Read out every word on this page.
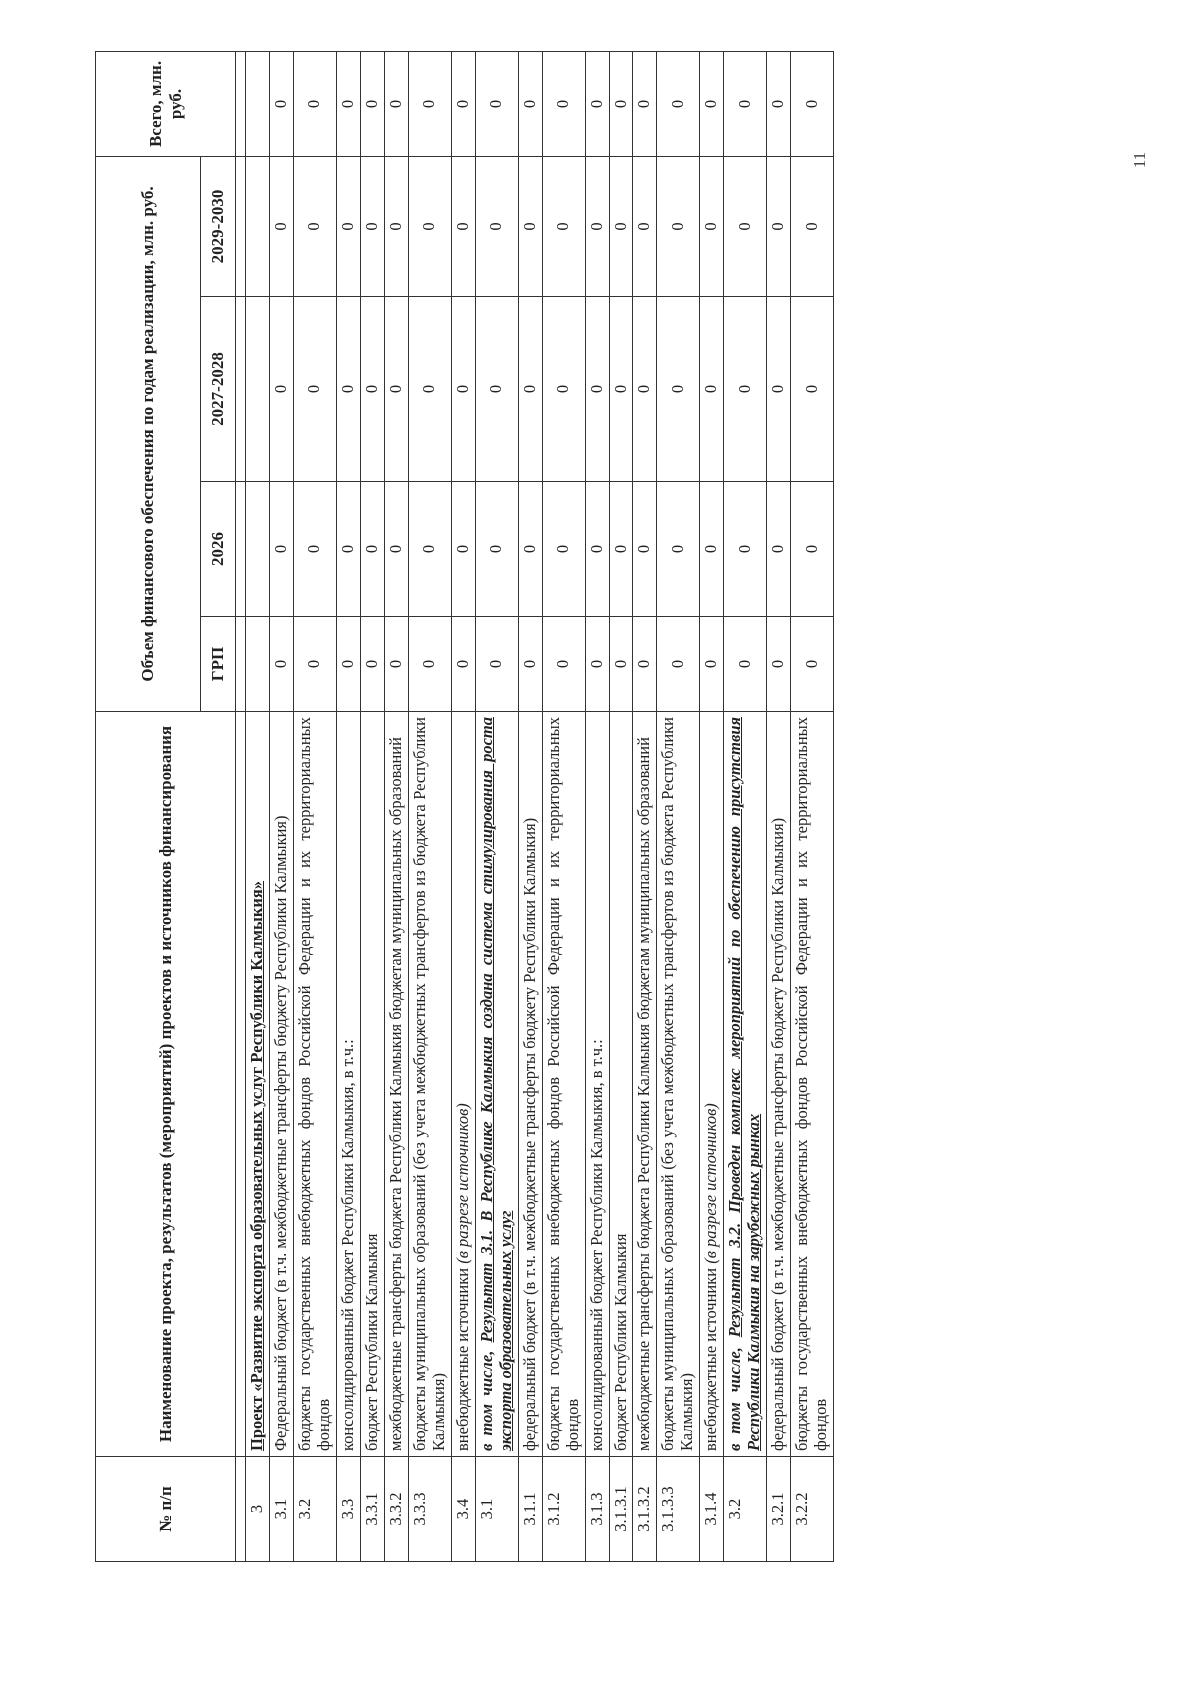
№ п/п	Наименование проекта, результатов (мероприятий) проектов и источников финансирования	Объем финансового обеспечения по годам реализации, млн. руб.				Всего, млн. руб.
		ГРП	2026	2027-2028	2029-2030	

3	Проект «Развитие экспорта образовательных услуг Республики Калмыкия»					
3.1	Федеральный бюджет (в т.ч. межбюджетные трансферты бюджету Республики Калмыкия)	0	0	0	0	0
3.2	бюджеты государственных внебюджетных фондов Российской Федерации и их территориальных фондов	0	0	0	0	0
3.3	консолидированный бюджет Республики Калмыкия, в т.ч.:	0	0	0	0	0
3.3.1	бюджет Республики Калмыкия	0	0	0	0	0
3.3.2	межбюджетные трансферты бюджета Республики Калмыкия бюджетам муниципальных образований	0	0	0	0	0
3.3.3	бюджеты муниципальных образований (без учета межбюджетных трансфертов из бюджета Республики Калмыкия)	0	0	0	0	0
3.4	внебюджетные источники (в разрезе источников)	0	0	0	0	0
3.1	в том числе, Результат 3.1. В Республике Калмыкия создана система стимулирования роста экспорта образовательных услуг	0	0	0	0	0
3.1.1	федеральный бюджет (в т.ч. межбюджетные трансферты бюджету Республики Калмыкия)	0	0	0	0	0
3.1.2	бюджеты государственных внебюджетных фондов Российской Федерации и их территориальных фондов	0	0	0	0	0
3.1.3	консолидированный бюджет Республики Калмыкия, в т.ч.:	0	0	0	0	0
3.1.3.1	бюджет Республики Калмыкия	0	0	0	0	0
3.1.3.2	межбюджетные трансферты бюджета Республики Калмыкия бюджетам муниципальных образований	0	0	0	0	0
3.1.3.3	бюджеты муниципальных образований (без учета межбюджетных трансфертов из бюджета Республики Калмыкия)	0	0	0	0	0
3.1.4	внебюджетные источники (в разрезе источников)	0	0	0	0	0
3.2	в том числе, Результат 3.2. Проведен комплекс мероприятий по обеспечению присутствия Республики Калмыкия на зарубежных рынках	0	0	0	0	0
3.2.1	федеральный бюджет (в т.ч. межбюджетные трансферты бюджету Республики Калмыкия)	0	0	0	0	0
3.2.2	бюджеты государственных внебюджетных фондов Российской Федерации и их территориальных фондов	0	0	0	0	0
11
